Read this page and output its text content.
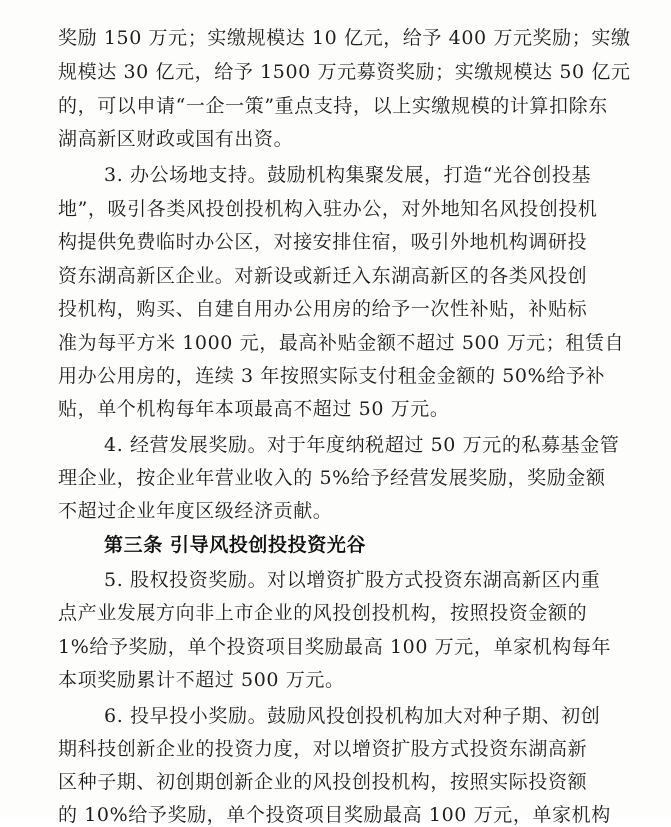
奖励 150 万元；实缴规模达 10 亿元，给予 400 万元奖励；实缴
规模达 30 亿元，给予 1500 万元募资奖励；实缴规模达 50 亿元
的，可以申请“一企一策”重点支持，以上实缴规模的计算扣除东
湖高新区财政或国有出资。
3. 办公场地支持。鼓励机构集聚发展，打造“光谷创投基
地”，吸引各类风投创投机构入驻办公，对外地知名风投创投机
构提供免费临时办公区，对接安排住宿，吸引外地机构调研投
资东湖高新区企业。对新设或新迁入东湖高新区的各类风投创
投机构，购买、自建自用办公用房的给予一次性补贴，补贴标
准为每平方米 1000 元，最高补贴金额不超过 500 万元；租赁自
用办公用房的，连续 3 年按照实际支付租金金额的 50%给予补
贴，单个机构每年本项最高不超过 50 万元。
4. 经营发展奖励。对于年度纳税超过 50 万元的私募基金管
理企业，按企业年营业收入的 5%给予经营发展奖励，奖励金额
不超过企业年度区级经济贡献。
第三条 引导风投创投投资光谷
5. 股权投资奖励。对以增资扩股方式投资东湖高新区内重
点产业发展方向非上市企业的风投创投机构，按照投资金额的
1%给予奖励，单个投资项目奖励最高 100 万元，单家机构每年
本项奖励累计不超过 500 万元。
6. 投早投小奖励。鼓励风投创投机构加大对种子期、初创
期科技创新企业的投资力度，对以增资扩股方式投资东湖高新
区种子期、初创期创新企业的风投创投机构，按照实际投资额
的 10%给予奖励，单个投资项目奖励最高 100 万元，单家机构
